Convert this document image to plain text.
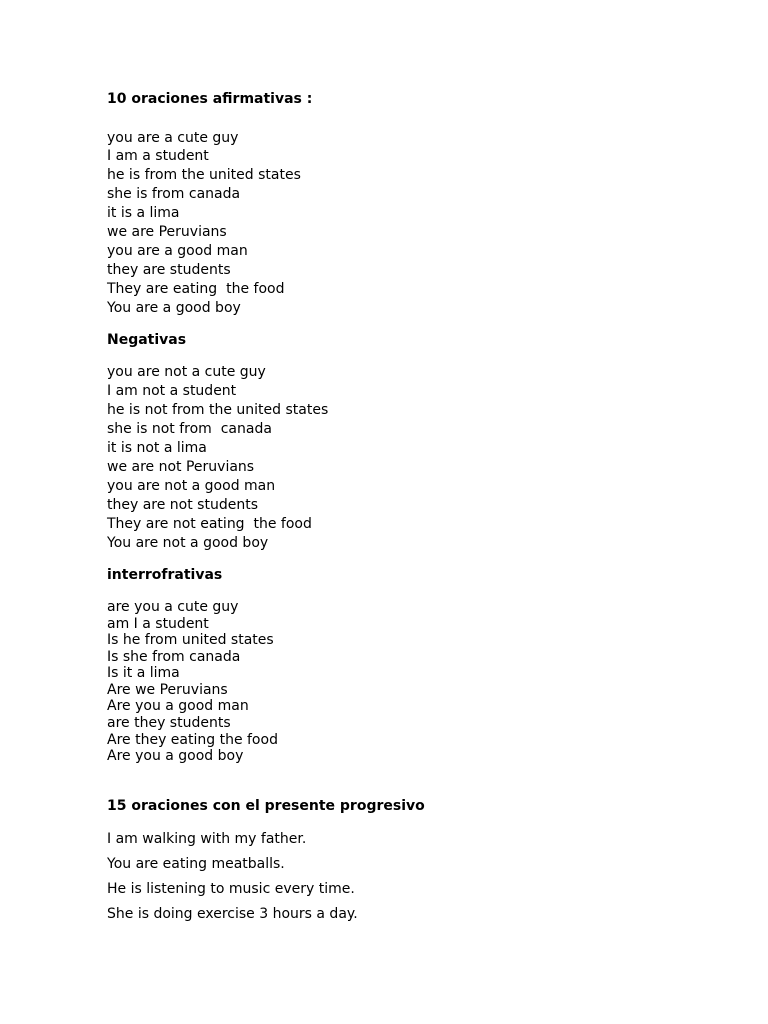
10 oraciones afirmativas :
you are a cute guy
I am a student
he is from the united states
she is from canada
it is a lima
we are Peruvians
you are a good man
they are students
They are eating  the food
You are a good boy
Negativas
you are not a cute guy
I am not a student
he is not from the united states
she is not from  canada
it is not a lima
we are not Peruvians
you are not a good man
they are not students
They are not eating  the food
You are not a good boy
interrofrativas
are you a cute guy
am I a student
Is he from united states
Is she from canada
Is it a lima
Are we Peruvians
Are you a good man
are they students
Are they eating the food
Are you a good boy
15 oraciones con el presente progresivo
I am walking with my father.
You are eating meatballs.
He is listening to music every time.
She is doing exercise 3 hours a day.
